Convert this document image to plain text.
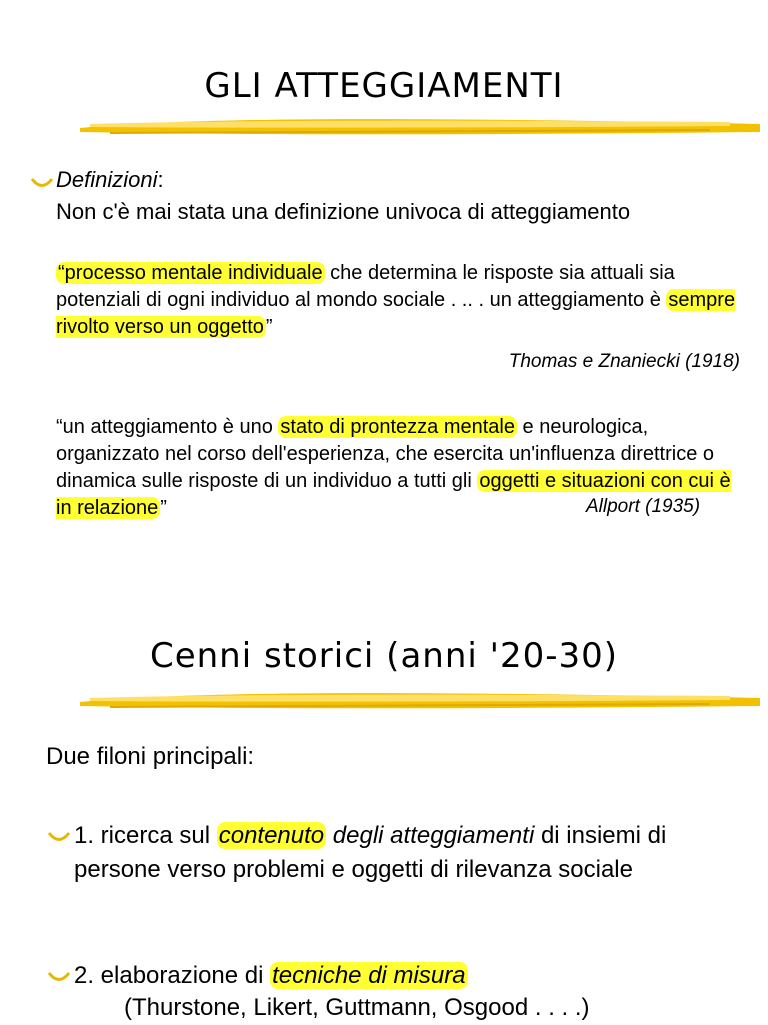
GLI ATTEGGIAMENTI

Definizioni:

Non c'è mai stata una definizione univoca di atteggiamento

“processo mentale individuale che determina le risposte sia attuali sia potenziali di ogni individuo al mondo sociale . .. . un atteggiamento è sempre rivolto verso un oggetto ”

Thomas e Znaniecki (1918)

“un atteggiamento è uno stato di prontezza mentale e neurologica, organizzato nel corso dell'esperienza, che esercita un'influenza direttrice o dinamica sulle risposte di un individuo a tutti gli oggetti e situazioni con cui è in relazione ”	Allport (1935)
Cenni storici (anni '20-30)

Due filoni principali:

1. ricerca sul contenuto degli atteggiamenti di insiemi di persone verso problemi e oggetti di rilevanza sociale

2. elaborazione di tecniche di misura

(Thurstone, Likert, Guttmann, Osgood . . . .)
